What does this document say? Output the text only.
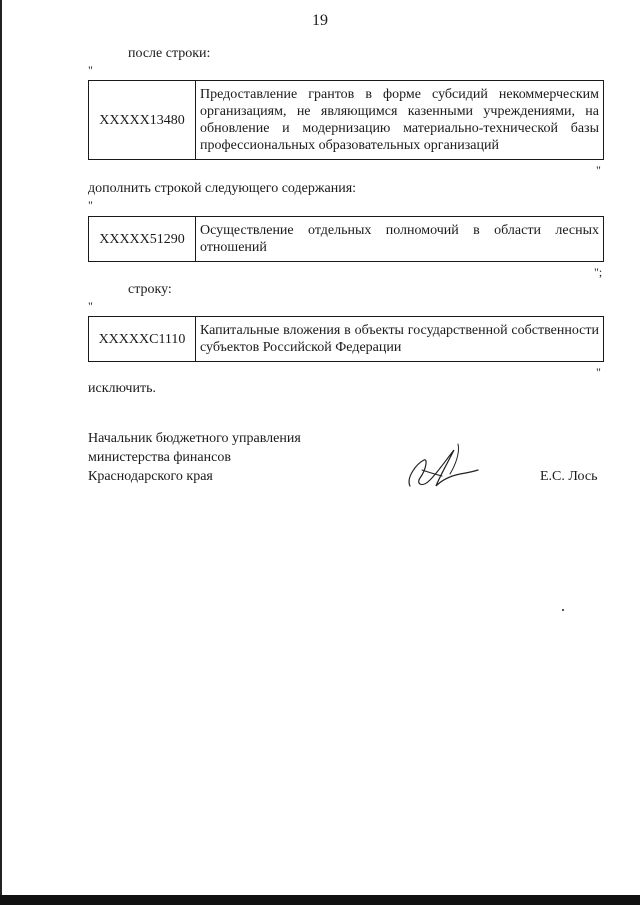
19
после строки:
"
XXXXX13480	Предоставление грантов в форме субсидий некоммерческим организациям, не являющимся казенными учреждениями, на обновление и модернизацию материально-технической базы профессиональных образовательных организаций
"
дополнить строкой следующего содержания:
"
XXXXX51290	Осуществление отдельных полномочий в области лесных отношений
";
строку:
"
XXXXXC1110	Капитальные вложения в объекты государственной собственности субъектов Российской Федерации
"
исключить.
Начальник бюджетного управления
министерства финансов
Краснодарского края	Е.С. Лось
